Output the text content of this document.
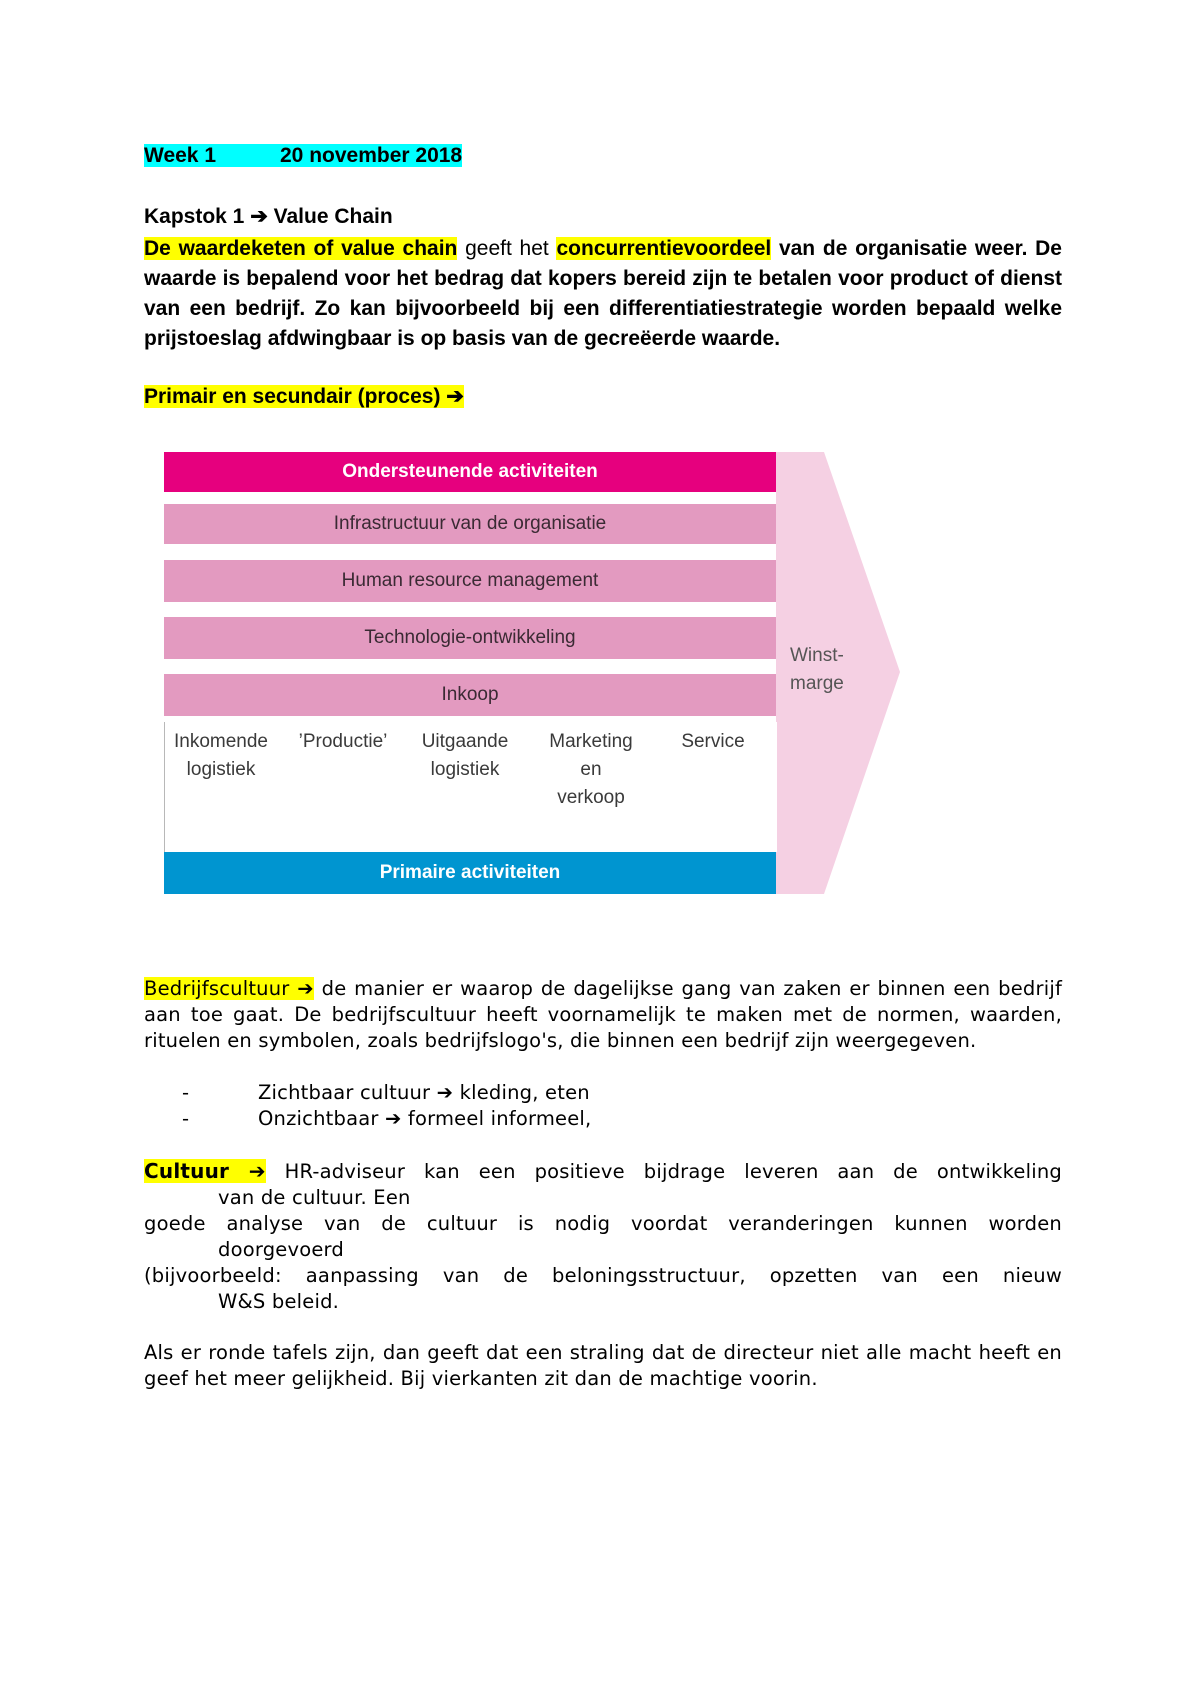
Week 1	20 november 2018
Kapstok 1 ➔ Value Chain
De waardeketen of value chain geeft het concurrentievoordeel van de organisatie weer. De waarde is bepalend voor het bedrag dat kopers bereid zijn te betalen voor product of dienst van een bedrijf. Zo kan bijvoorbeeld bij een differentiatiestrategie worden bepaald welke prijstoeslag afdwingbaar is op basis van de gecreëerde waarde.
Primair en secundair (proces) ➔
Ondersteunende activiteiten
Infrastructuur van de organisatie
Human resource management
Technologie-ontwikkeling
Inkoop
Inkomende
logistiek
’Productie’	Uitgaande
logistiek
Marketing
en
verkoop
Service
Primaire activiteiten
Winst-
marge
Bedrijfscultuur ➔ de manier er waarop de dagelijkse gang van zaken er binnen een bedrijf aan toe gaat. De bedrijfscultuur heeft voornamelijk te maken met de normen, waarden, rituelen en symbolen, zoals bedrijfslogo's, die binnen een bedrijf zijn weergegeven.
-	Zichtbaar cultuur ➔ kleding, eten
-	Onzichtbaar ➔ formeel informeel,
Cultuur ➔ HR-adviseur kan een positieve bijdrage leveren aan de ontwikkeling
van de cultuur. Een
goede analyse van de cultuur is nodig voordat veranderingen kunnen worden
doorgevoerd
(bijvoorbeeld: aanpassing van de beloningsstructuur, opzetten van een nieuw
W&S beleid.
Als er ronde tafels zijn, dan geeft dat een straling dat de directeur niet alle macht heeft en geef het meer gelijkheid. Bij vierkanten zit dan de machtige voorin.
